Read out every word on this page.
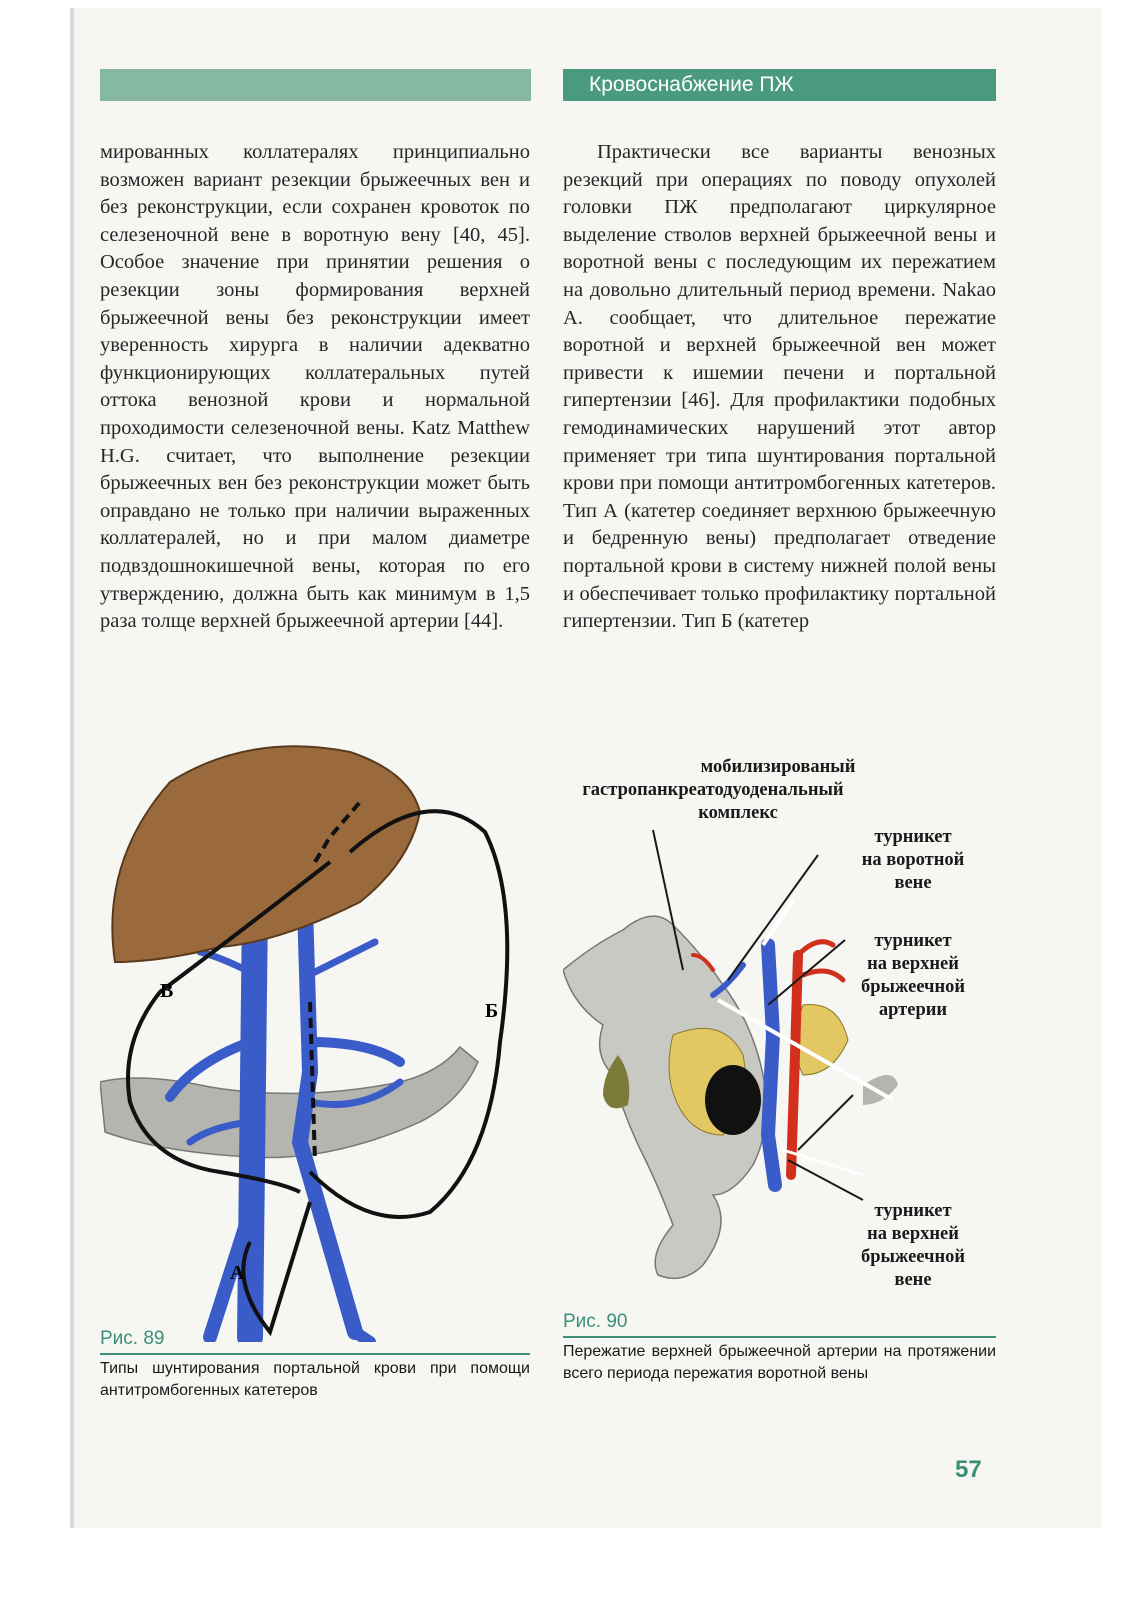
Кровоснабжение ПЖ
мированных коллатералях принципиально возможен вариант резекции брыжеечных вен и без реконструкции, если сохранен кровоток по селезеночной вене в воротную вену [40, 45]. Особое значение при принятии решения о резекции зоны формирования верхней брыжеечной вены без реконструкции имеет уверенность хирурга в наличии адекватно функционирующих коллатеральных путей оттока венозной крови и нормальной проходимости селезеночной вены. Katz Matthew H.G. считает, что выполнение резекции брыжеечных вен без реконструкции может быть оправдано не только при наличии выраженных коллатералей, но и при малом диаметре подвздошнокишечной вены, которая по его утверждению, должна быть как минимум в 1,5 раза толще верхней брыжеечной артерии [44].
Практически все варианты венозных резекций при операциях по поводу опухолей головки ПЖ предполагают циркулярное выделение стволов верхней брыжеечной вены и воротной вены с последующим их пережатием на довольно длительный период времени. Nakao A. сообщает, что длительное пережатие воротной и верхней брыжеечной вен может привести к ишемии печени и портальной гипертензии [46]. Для профилактики подобных гемодинамических нарушений этот автор применяет три типа шунтирования портальной крови при помощи антитромбогенных катетеров. Тип А (катетер соединяет верхнюю брыжеечную и бедренную вены) предполагает отведение портальной крови в систему нижней полой вены и обеспечивает только профилактику портальной гипертензии. Тип Б (катетер
В
Б
А
Рис. 89
Типы шунтирования портальной крови при помощи антитромбогенных катетеров
мобилизированый
гастропанкреатодуоденальный
комплекс
турникет
на воротной
вене
турникет
на верхней
брыжеечной
артерии
турникет
на верхней
брыжеечной
вене
Рис. 90
Пережатие верхней брыжеечной артерии на протяжении всего периода пережатия воротной вены
57
